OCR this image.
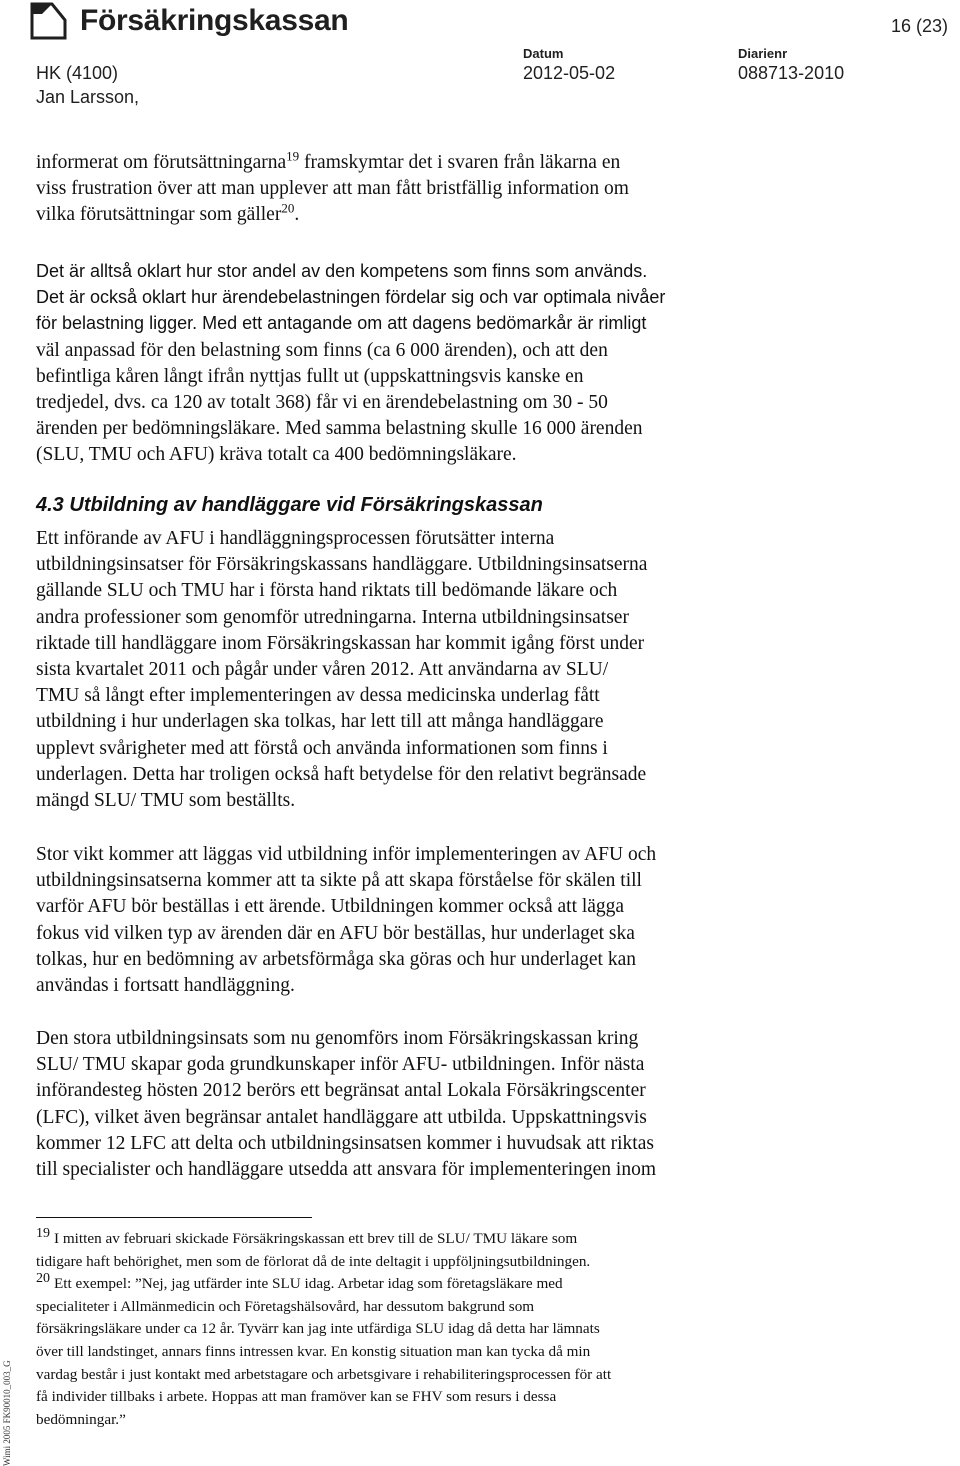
Försäkringskassan	16 (23)
HK (4100)
Jan Larsson,
Datum
2012-05-02
Diarienr
088713-2010
informerat om förutsättningarna$^{19}$ framskymtar det i svaren från läkarna en
viss frustration över att man upplever att man fått bristfällig information om
vilka förutsättningar som gäller$^{20}$.
Det är alltså oklart hur stor andel av den kompetens som finns som används.
Det är också oklart hur ärendebelastningen fördelar sig och var optimala nivåer
för belastning ligger. Med ett antagande om att dagens bedömarkår är rimligt
väl anpassad för den belastning som finns (ca 6 000 ärenden), och att den
befintliga kåren långt ifrån nyttjas fullt ut (uppskattningsvis kanske en
tredjedel, dvs. ca 120 av totalt 368) får vi en ärendebelastning om 30 - 50
ärenden per bedömningsläkare. Med samma belastning skulle 16 000 ärenden
(SLU, TMU och AFU) kräva totalt ca 400 bedömningsläkare.
4.3 Utbildning av handläggare vid Försäkringskassan
Ett införande av AFU i handläggningsprocessen förutsätter interna
utbildningsinsatser för Försäkringskassans handläggare. Utbildningsinsatserna
gällande SLU och TMU har i första hand riktats till bedömande läkare och
andra professioner som genomför utredningarna. Interna utbildningsinsatser
riktade till handläggare inom Försäkringskassan har kommit igång först under
sista kvartalet 2011 och pågår under våren 2012. Att användarna av SLU/
TMU så långt efter implementeringen av dessa medicinska underlag fått
utbildning i hur underlagen ska tolkas, har lett till att många handläggare
upplevt svårigheter med att förstå och använda informationen som finns i
underlagen. Detta har troligen också haft betydelse för den relativt begränsade
mängd SLU/ TMU som beställts.
Stor vikt kommer att läggas vid utbildning inför implementeringen av AFU och
utbildningsinsatserna kommer att ta sikte på att skapa förståelse för skälen till
varför AFU bör beställas i ett ärende. Utbildningen kommer också att lägga
fokus vid vilken typ av ärenden där en AFU bör beställas, hur underlaget ska
tolkas, hur en bedömning av arbetsförmåga ska göras och hur underlaget kan
användas i fortsatt handläggning.
Den stora utbildningsinsats som nu genomförs inom Försäkringskassan kring
SLU/ TMU skapar goda grundkunskaper inför AFU- utbildningen. Inför nästa
införandesteg hösten 2012 berörs ett begränsat antal Lokala Försäkringscenter
(LFC), vilket även begränsar antalet handläggare att utbilda. Uppskattningsvis
kommer 12 LFC att delta och utbildningsinsatsen kommer i huvudsak att riktas
till specialister och handläggare utsedda att ansvara för implementeringen inom
19 I mitten av februari skickade Försäkringskassan ett brev till de SLU/ TMU läkare som
tidigare haft behörighet, men som de förlorat då de inte deltagit i uppföljningsutbildningen.
20 Ett exempel: ”Nej, jag utfärder inte SLU idag. Arbetar idag som företagsläkare med
specialiteter i Allmänmedicin och Företagshälsovård, har dessutom bakgrund som
försäkringsläkare under ca 12 år. Tyvärr kan jag inte utfärdiga SLU idag då detta har lämnats
över till landstinget, annars finns intressen kvar. En konstig situation man kan tycka då min
vardag består i just kontakt med arbetstagare och arbetsgivare i rehabiliteringsprocessen för att
få individer tillbaks i arbete. Hoppas att man framöver kan se FHV som resurs i dessa
bedömningar.”
Wimi 2005 FK90010_003_G
